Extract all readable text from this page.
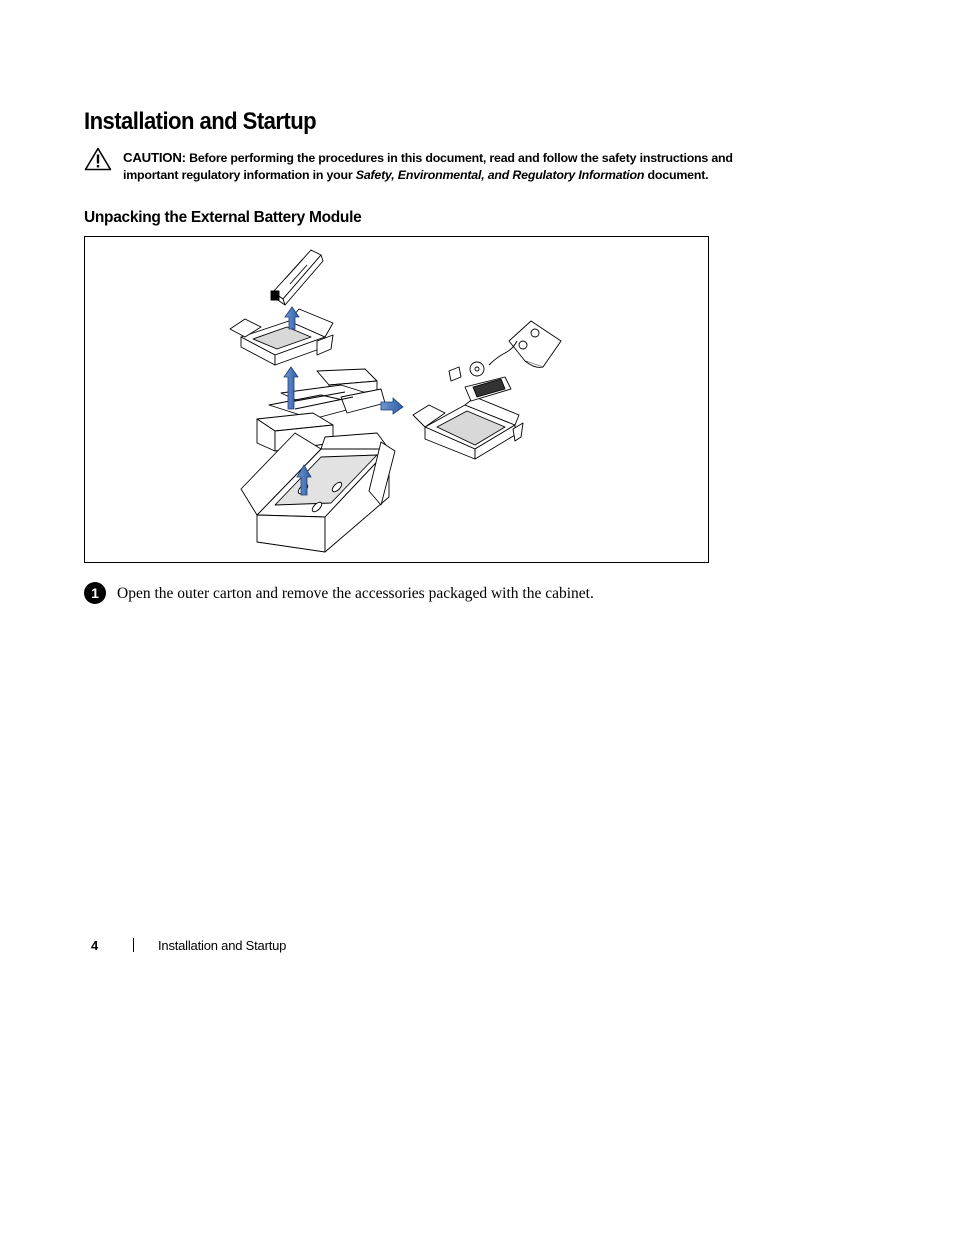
Installation and Startup
CAUTION: Before performing the procedures in this document, read and follow the safety instructions and important regulatory information in your Safety, Environmental, and Regulatory Information document.
Unpacking the External Battery Module
1	Open the outer carton and remove the accessories packaged with the cabinet.
4	Installation and Startup
